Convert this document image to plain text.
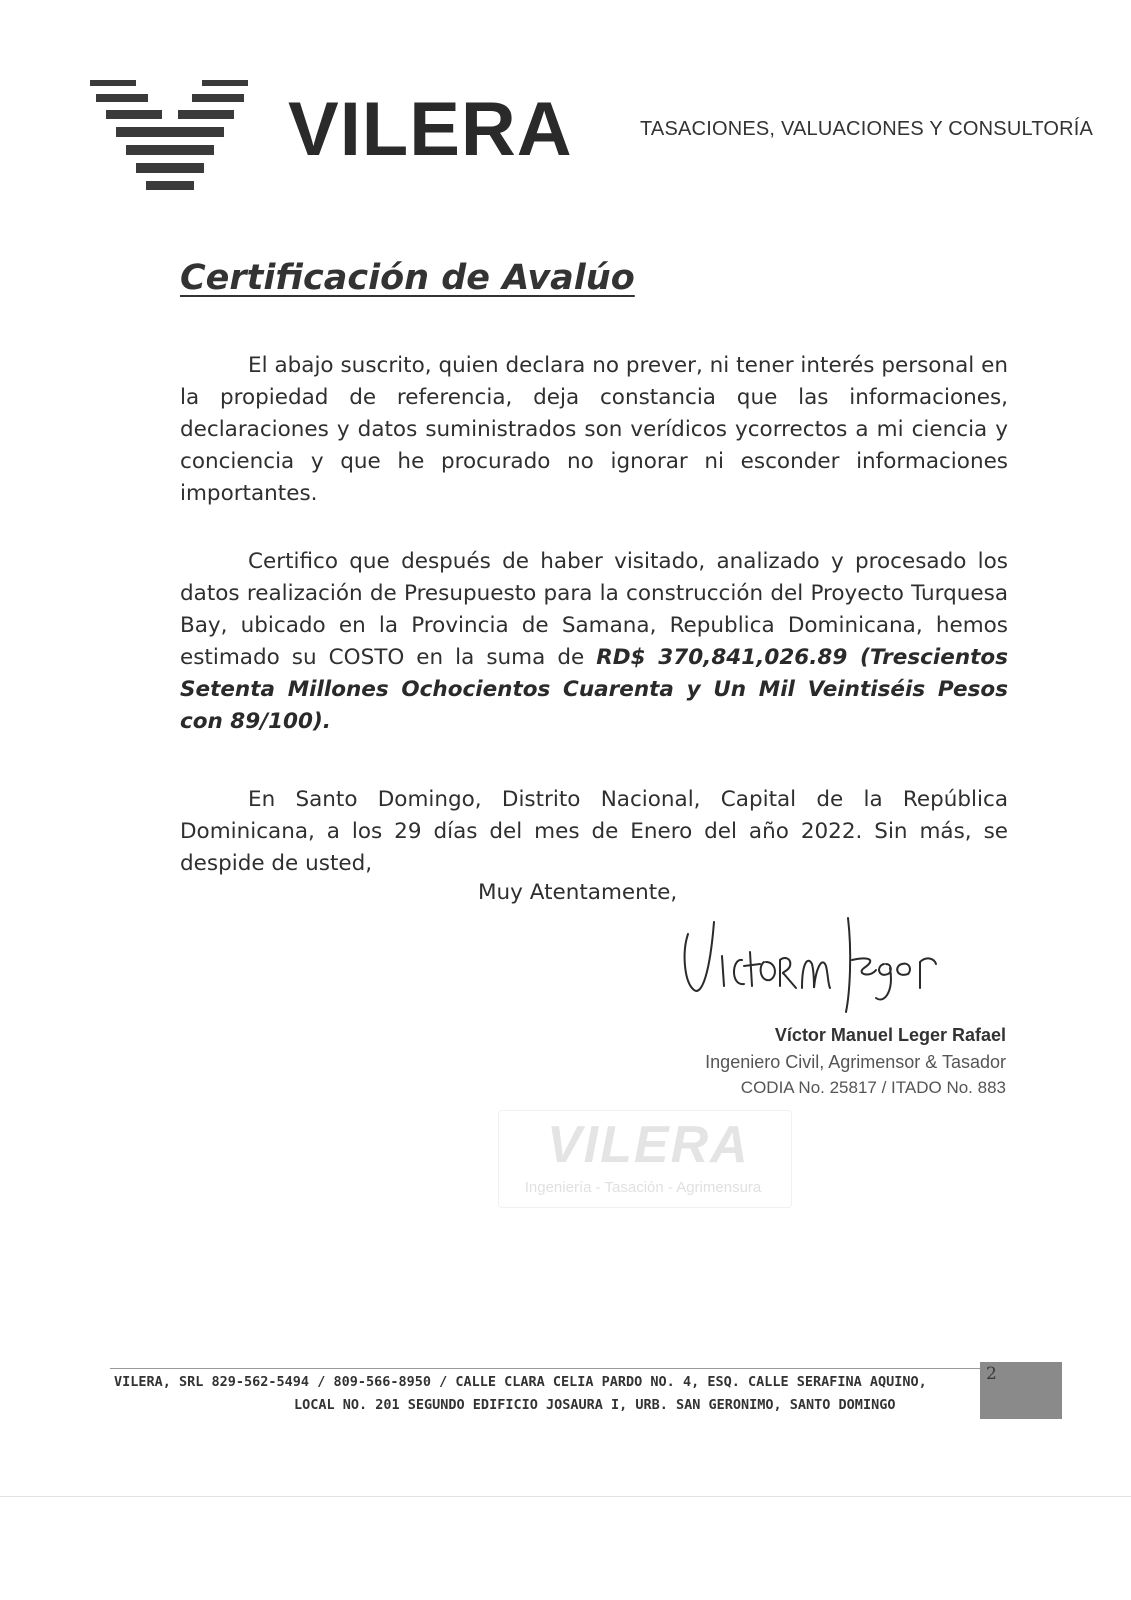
VILERA	TASACIONES, VALUACIONES Y CONSULTORÍA
Certificación de Avalúo

El abajo suscrito, quien declara no prever, ni tener interés personal en la propiedad de referencia, deja constancia que las informaciones, declaraciones y datos suministrados son verídicos ycorrectos a mi ciencia y conciencia y que he procurado no ignorar ni esconder informaciones importantes.

Certifico que después de haber visitado, analizado y procesado los datos realización de Presupuesto para la construcción del Proyecto Turquesa Bay, ubicado en la Provincia de Samana, Republica Dominicana, hemos estimado su COSTO en la suma de RD$ 370,841,026.89 (Trescientos Setenta Millones Ochocientos Cuarenta y Un Mil Veintiséis Pesos con 89/100).

En Santo Domingo, Distrito Nacional, Capital de la República Dominicana, a los 29 días del mes de Enero del año 2022. Sin más, se despide de usted,

Muy Atentamente,
Víctor Manuel Leger Rafael
Ingeniero Civil, Agrimensor & Tasador
CODIA No. 25817 / ITADO No. 883
VILERA
Ingeniería - Tasación - Agrimensura
VILERA, SRL 829-562-5494 / 809-566-8950 / CALLE CLARA CELIA PARDO NO. 4, ESQ. CALLE SERAFINA AQUINO,
LOCAL NO. 201 SEGUNDO EDIFICIO JOSAURA I, URB. SAN GERONIMO, SANTO DOMINGO
2
